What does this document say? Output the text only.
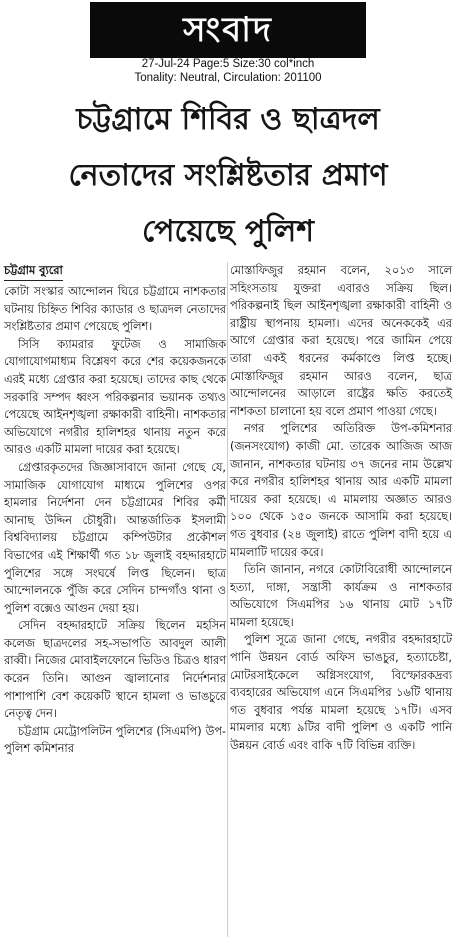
সংবাদ
27-Jul-24 Page:5 Size:30 col*inch
Tonality: Neutral, Circulation: 201100
চট্টগ্রামে শিবির ও ছাত্রদল
নেতাদের সংশ্লিষ্টতার প্রমাণ
পেয়েছে পুলিশ
চট্টগ্রাম ব্যুরো

কোটা সংস্কার আন্দোলন ঘিরে চট্টগ্রামে নাশকতার ঘটনায় চিহ্নিত শিবির ক্যাডার ও ছাত্রদল নেতাদের সংশ্লিষ্টতার প্রমাণ পেয়েছে পুলিশ।

সিসি ক্যামরার ফুটেজ ও সামাজিক যোগাযোগমাধ্যম বিশ্লেষণ করে শের কয়েকজনকে এরই মধ্যে গ্রেপ্তার করা হয়েছে। তাদের কাছ থেকে সরকারি সম্পদ ধ্বংস পরিকল্পনার ভয়ানক তথ্যও পেয়েছে আইনশৃঙ্খলা রক্ষাকারী বাহিনী। নাশকতার অভিযোগে নগরীর হালিশহর থানায় নতুন করে আরও একটি মামলা দায়ের করা হয়েছে।

গ্রেপ্তারকৃতদের জিজ্ঞাসাবাদে জানা গেছে যে, সামাজিক যোগাযোগ মাধ্যমে পুলিশের ওপর হামলার নির্দেশনা দেন চট্টগ্রামের শিবির কর্মী আনাছ উদ্দিন চৌধুরী। আন্তর্জাতিক ইসলামী বিশ্ববিদ্যালয় চট্টগ্রামে কম্পিউটার প্রকৌশল বিভাগের এই শিক্ষার্থী গত ১৮ জুলাই বহদ্দারহাটে পুলিশের সঙ্গে সংঘর্ষে লিপ্ত ছিলেন। ছাত্র আন্দোলনকে পুঁজি করে সেদিন চান্দগাঁও থানা ও পুলিশ বক্সেও আগুন দেয়া হয়।

সেদিন বহদ্দারহাটে সক্রিয় ছিলেন মহসিন কলেজ ছাত্রদলের সহ-সভাপতি আবদুল আলী রাব্বী। নিজের মোবাইলফোনে ভিডিও চিত্রও ধারণ করেন তিনি। আগুন জ্বালানোর নির্দেশনার পাশাপাশি বেশ কয়েকটি স্থানে হামলা ও ভাঙচুরে নেতৃত্ব দেন।

চট্টগ্রাম মেট্রোপলিটন পুলিশের (সিএমপি) উপ-পুলিশ কমিশনার

মোস্তাফিজুর রহমান বলেন, ২০১৩ সালে সহিংসতায় যুক্তরা এবারও সক্রিয় ছিল। পরিকল্পনাই ছিল আইনশৃঙ্খলা রক্ষাকারী বাহিনী ও রাষ্ট্রীয় স্থাপনায় হামলা। এদের অনেককেই এর আগে গ্রেপ্তার করা হয়েছে। পরে জামিন পেয়ে তারা একই ধরনের কর্মকাণ্ডে লিপ্ত হচ্ছে। মোস্তাফিজুর রহমান আরও বলেন, ছাত্র আন্দোলনের আড়ালে রাষ্ট্রের ক্ষতি করতেই নাশকতা চালানো হয় বলে প্রমাণ পাওয়া গেছে।

নগর পুলিশের অতিরিক্ত উপ-কমিশনার (জনসংযোগ) কাজী মো. তারেক আজিজ আজ জানান, নাশকতার ঘটনায় ৩৭ জনের নাম উল্লেখ করে নগরীর হালিশহর থানায় আর একটি মামলা দায়ের করা হয়েছে। এ মামলায় অজ্ঞাত আরও ১০০ থেকে ১৫০ জনকে আসামি করা হয়েছে। গত বুধবার (২৪ জুলাই) রাতে পুলিশ বাদী হয়ে এ মামলাটি দায়ের করে।

তিনি জানান, নগরে কোটাবিরোধী আন্দোলনে হত্যা, দাঙ্গা, সন্ত্রাসী কার্যক্রম ও নাশকতার অভিযোগে সিএমপির ১৬ থানায় মোট ১৭টি মামলা হয়েছে।

পুলিশ সূত্রে জানা গেছে, নগরীর বহদ্দারহাটে পানি উন্নয়ন বোর্ড অফিস ভাঙচুর, হত্যাচেষ্টা, মোটরসাইকেলে অগ্নিসংযোগ, বিস্ফোরকদ্রব্য ব্যবহারের অভিযোগ এনে সিএমপির ১৬টি থানায় গত বুধবার পর্যন্ত মামলা হয়েছে ১৭টি। এসব মামলার মধ্যে ৯টির বাদী পুলিশ ও একটি পানি উন্নয়ন বোর্ড এবং বাকি ৭টি বিভিন্ন ব্যক্তি।
